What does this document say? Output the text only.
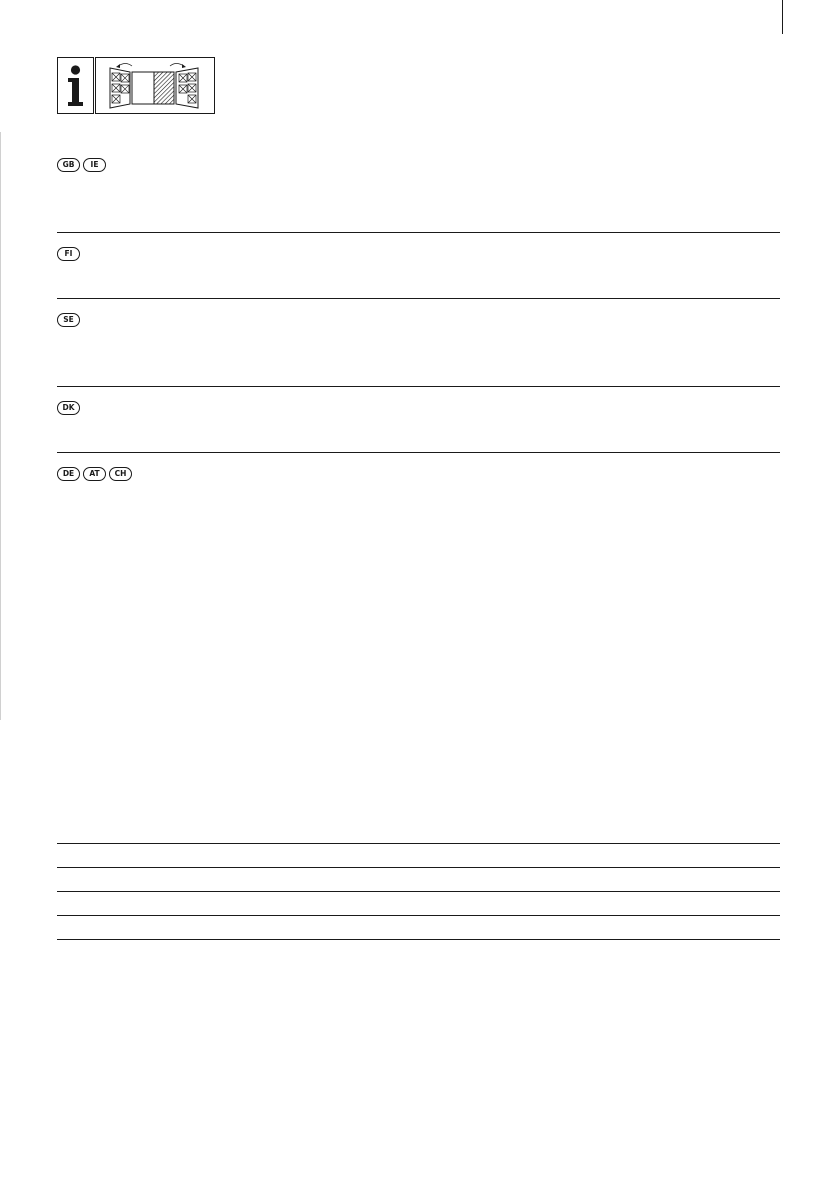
GB	IE
FI
SE
DK
DE	AT	CH
